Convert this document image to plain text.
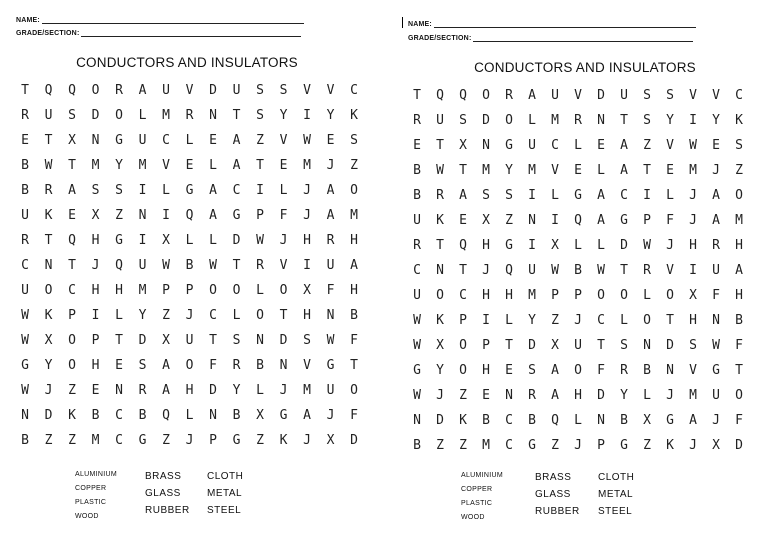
NAME:
GRADE/SECTION:
CONDUCTORS AND INSULATORS
T	Q	Q	O	R	A	U	V	D	U	S	S	V	V	C
R	U	S	D	O	L	M	R	N	T	S	Y	I	Y	K
E	T	X	N	G	U	C	L	E	A	Z	V	W	E	S
B	W	T	M	Y	M	V	E	L	A	T	E	M	J	Z
B	R	A	S	S	I	L	G	A	C	I	L	J	A	O
U	K	E	X	Z	N	I	Q	A	G	P	F	J	A	M
R	T	Q	H	G	I	X	L	L	D	W	J	H	R	H
C	N	T	J	Q	U	W	B	W	T	R	V	I	U	A
U	O	C	H	H	M	P	P	O	O	L	O	X	F	H
W	K	P	I	L	Y	Z	J	C	L	O	T	H	N	B
W	X	O	P	T	D	X	U	T	S	N	D	S	W	F
G	Y	O	H	E	S	A	O	F	R	B	N	V	G	T
W	J	Z	E	N	R	A	H	D	Y	L	J	M	U	O
N	D	K	B	C	B	Q	L	N	B	X	G	A	J	F
B	Z	Z	M	C	G	Z	J	P	G	Z	K	J	X	D
ALUMINIUM
COPPER
PLASTIC
WOOD
BRASS
GLASS
RUBBER
CLOTH
METAL
STEEL
NAME:
GRADE/SECTION:
CONDUCTORS AND INSULATORS
T	Q	Q	O	R	A	U	V	D	U	S	S	V	V	C
R	U	S	D	O	L	M	R	N	T	S	Y	I	Y	K
E	T	X	N	G	U	C	L	E	A	Z	V	W	E	S
B	W	T	M	Y	M	V	E	L	A	T	E	M	J	Z
B	R	A	S	S	I	L	G	A	C	I	L	J	A	O
U	K	E	X	Z	N	I	Q	A	G	P	F	J	A	M
R	T	Q	H	G	I	X	L	L	D	W	J	H	R	H
C	N	T	J	Q	U	W	B	W	T	R	V	I	U	A
U	O	C	H	H	M	P	P	O	O	L	O	X	F	H
W	K	P	I	L	Y	Z	J	C	L	O	T	H	N	B
W	X	O	P	T	D	X	U	T	S	N	D	S	W	F
G	Y	O	H	E	S	A	O	F	R	B	N	V	G	T
W	J	Z	E	N	R	A	H	D	Y	L	J	M	U	O
N	D	K	B	C	B	Q	L	N	B	X	G	A	J	F
B	Z	Z	M	C	G	Z	J	P	G	Z	K	J	X	D
ALUMINIUM
COPPER
PLASTIC
WOOD
BRASS
GLASS
RUBBER
CLOTH
METAL
STEEL
